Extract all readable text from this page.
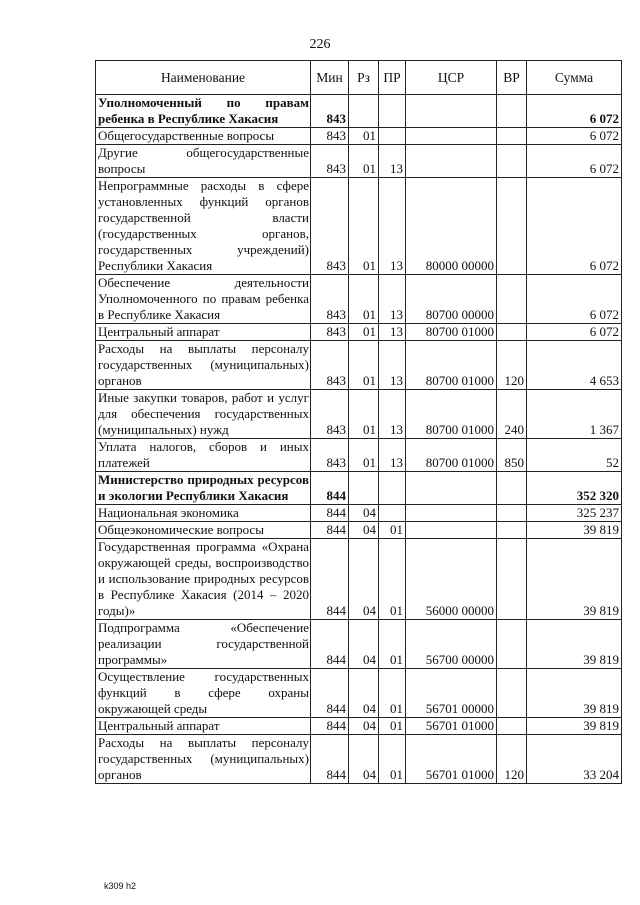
226
Наименование	Мин	Рз	ПР	ЦСР	ВР	Сумма
Уполномоченный по правам ребенка в Республике Хакасия	843					6 072
Общегосударственные вопросы	843	01				6 072
Другие общегосударственные вопросы	843	01	13			6 072
Непрограммные расходы в сфере установленных функций органов государственной власти (государственных органов, государственных учреждений) Республики Хакасия	843	01	13	80000 00000		6 072
Обеспечение деятельности Уполномоченного по правам ребенка в Республике Хакасия	843	01	13	80700 00000		6 072
Центральный аппарат	843	01	13	80700 01000		6 072
Расходы на выплаты персоналу государственных (муниципальных) органов	843	01	13	80700 01000	120	4 653
Иные закупки товаров, работ и услуг для обеспечения государственных (муниципальных) нужд	843	01	13	80700 01000	240	1 367
Уплата налогов, сборов и иных платежей	843	01	13	80700 01000	850	52
Министерство природных ресурсов и экологии Республики Хакасия	844					352 320
Национальная экономика	844	04				325 237
Общеэкономические вопросы	844	04	01			39 819
Государственная программа «Охрана окружающей среды, воспроизводство и использование природных ресурсов в Республике Хакасия (2014 – 2020 годы)»	844	04	01	56000 00000		39 819
Подпрограмма «Обеспечение реализации государственной программы»	844	04	01	56700 00000		39 819
Осуществление государственных функций в сфере охраны окружающей среды	844	04	01	56701 00000		39 819
Центральный аппарат	844	04	01	56701 01000		39 819
Расходы на выплаты персоналу государственных (муниципальных) органов	844	04	01	56701 01000	120	33 204
k309 h2
